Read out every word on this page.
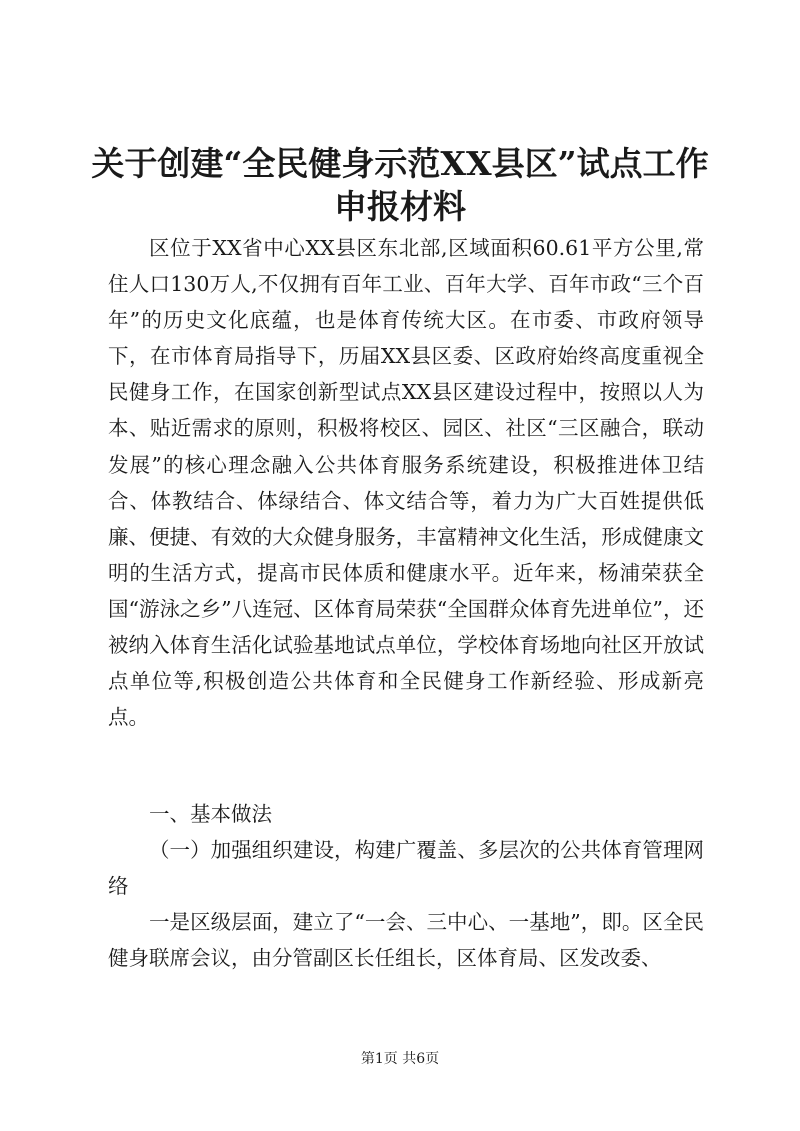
关于创建“全民健身示范XX县区”试点工作
申报材料

区位于XX省中心XX县区东北部,区域面积60.61平方公里,常住人口130万人,不仅拥有百年工业、百年大学、百年市政“三个百年”的历史文化底蕴，也是体育传统大区。在市委、市政府领导下，在市体育局指导下，历届XX县区委、区政府始终高度重视全民健身工作，在国家创新型试点XX县区建设过程中，按照以人为本、贴近需求的原则，积极将校区、园区、社区“三区融合，联动发展”的核心理念融入公共体育服务系统建设，积极推进体卫结合、体教结合、体绿结合、体文结合等，着力为广大百姓提供低廉、便捷、有效的大众健身服务，丰富精神文化生活，形成健康文明的生活方式，提高市民体质和健康水平。近年来，杨浦荣获全国“游泳之乡”八连冠、区体育局荣获“全国群众体育先进单位”，还被纳入体育生活化试验基地试点单位，学校体育场地向社区开放试点单位等,积极创造公共体育和全民健身工作新经验、形成新亮点。

一、基本做法

（一）加强组织建设，构建广覆盖、多层次的公共体育管理网络

一是区级层面，建立了“一会、三中心、一基地”，即。区全民健身联席会议，由分管副区长任组长，区体育局、区发改委、

第1页 共6页
